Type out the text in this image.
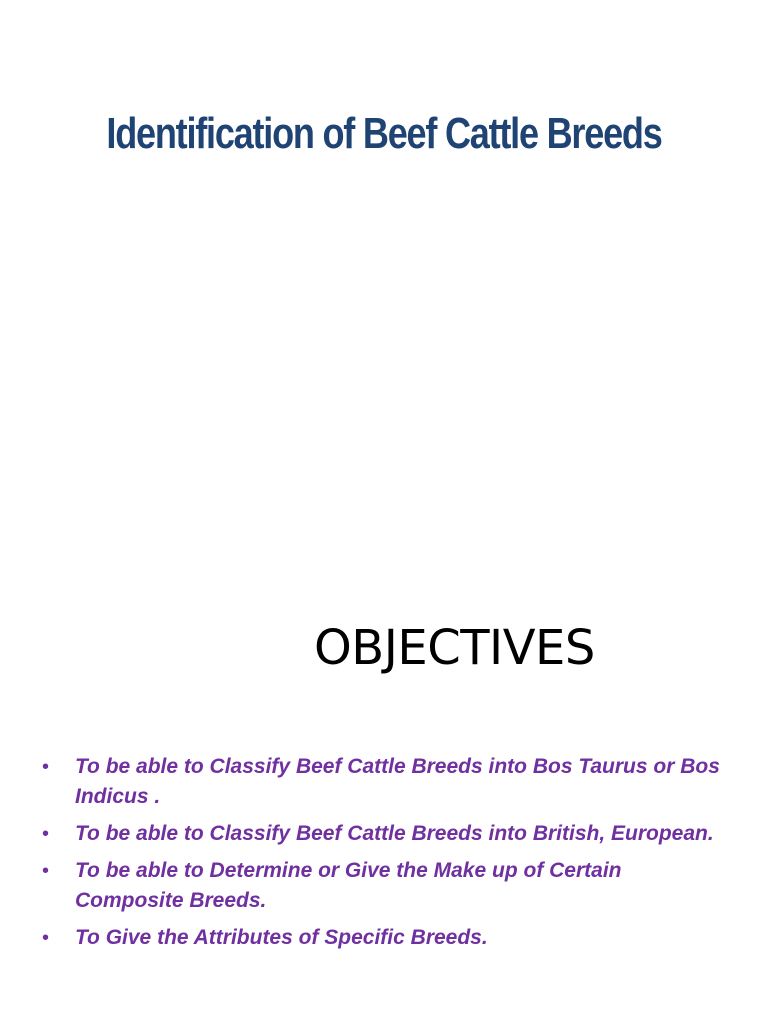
Identification of Beef Cattle Breeds
OBJECTIVES
• To be able to Classify Beef Cattle Breeds into Bos Taurus or Bos Indicus .
• To be able to Classify Beef Cattle Breeds into British, European.
• To be able to Determine or Give the Make up of Certain Composite Breeds.
• To Give the Attributes of Specific Breeds.
